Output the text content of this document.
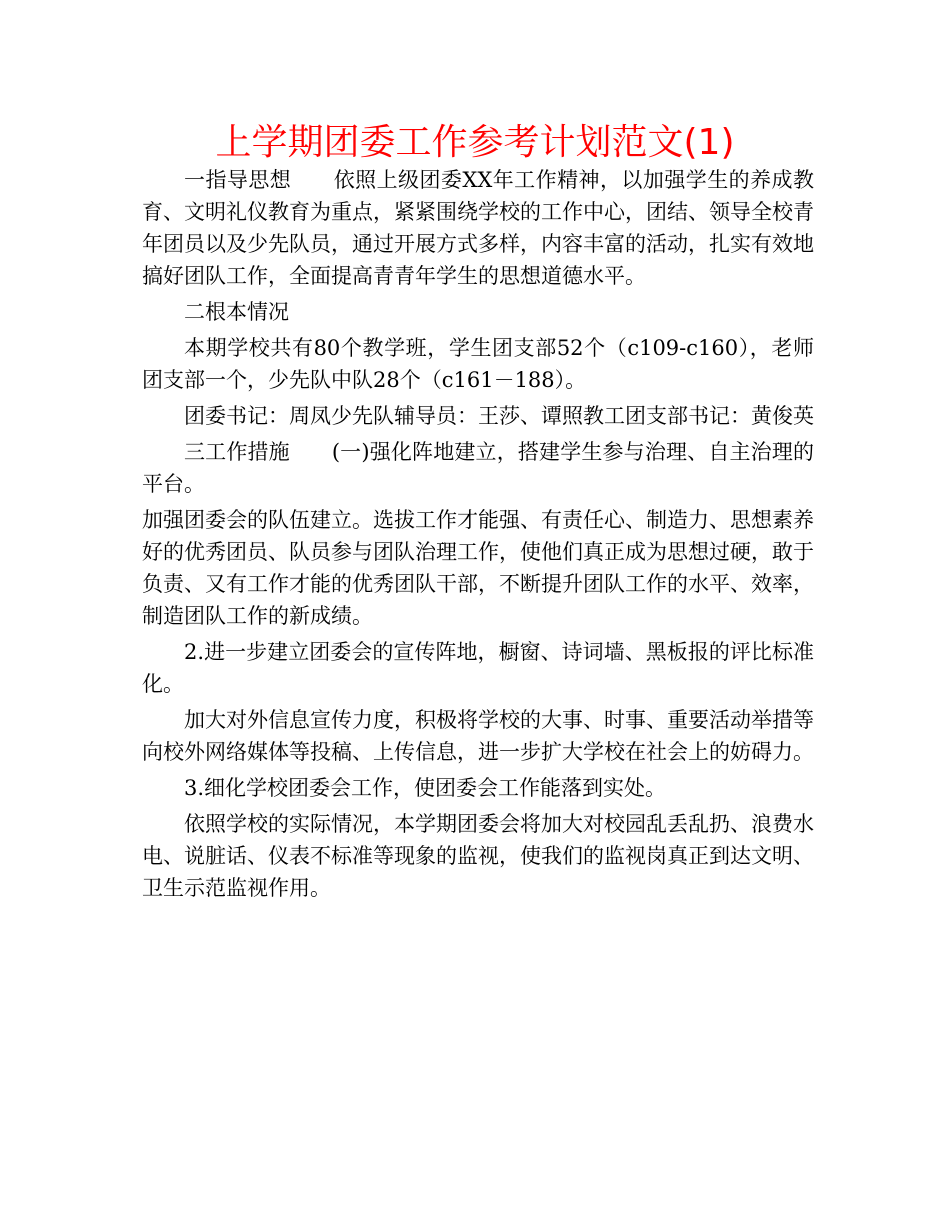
上学期团委工作参考计划范文(1)

一指导思想 依照上级团委XX年工作精神，以加强学生的养成教育、文明礼仪教育为重点，紧紧围绕学校的工作中心，团结、领导全校青年团员以及少先队员，通过开展方式多样，内容丰富的活动，扎实有效地搞好团队工作，全面提高青青年学生的思想道德水平。

二根本情况

本期学校共有80个教学班，学生团支部52个（c109-c160），老师团支部一个，少先队中队28个（c161－188）。

团委书记：周凤少先队辅导员：王莎、谭照教工团支部书记：黄俊英

三工作措施 (一)强化阵地建立，搭建学生参与治理、自主治理的平台。

加强团委会的队伍建立。选拔工作才能强、有责任心、制造力、思想素养好的优秀团员、队员参与团队治理工作，使他们真正成为思想过硬，敢于负责、又有工作才能的优秀团队干部，不断提升团队工作的水平、效率，制造团队工作的新成绩。

2.进一步建立团委会的宣传阵地，橱窗、诗词墙、黑板报的评比标准化。

加大对外信息宣传力度，积极将学校的大事、时事、重要活动举措等向校外网络媒体等投稿、上传信息，进一步扩大学校在社会上的妨碍力。

3.细化学校团委会工作，使团委会工作能落到实处。

依照学校的实际情况，本学期团委会将加大对校园乱丢乱扔、浪费水电、说脏话、仪表不标准等现象的监视，使我们的监视岗真正到达文明、卫生示范监视作用。
